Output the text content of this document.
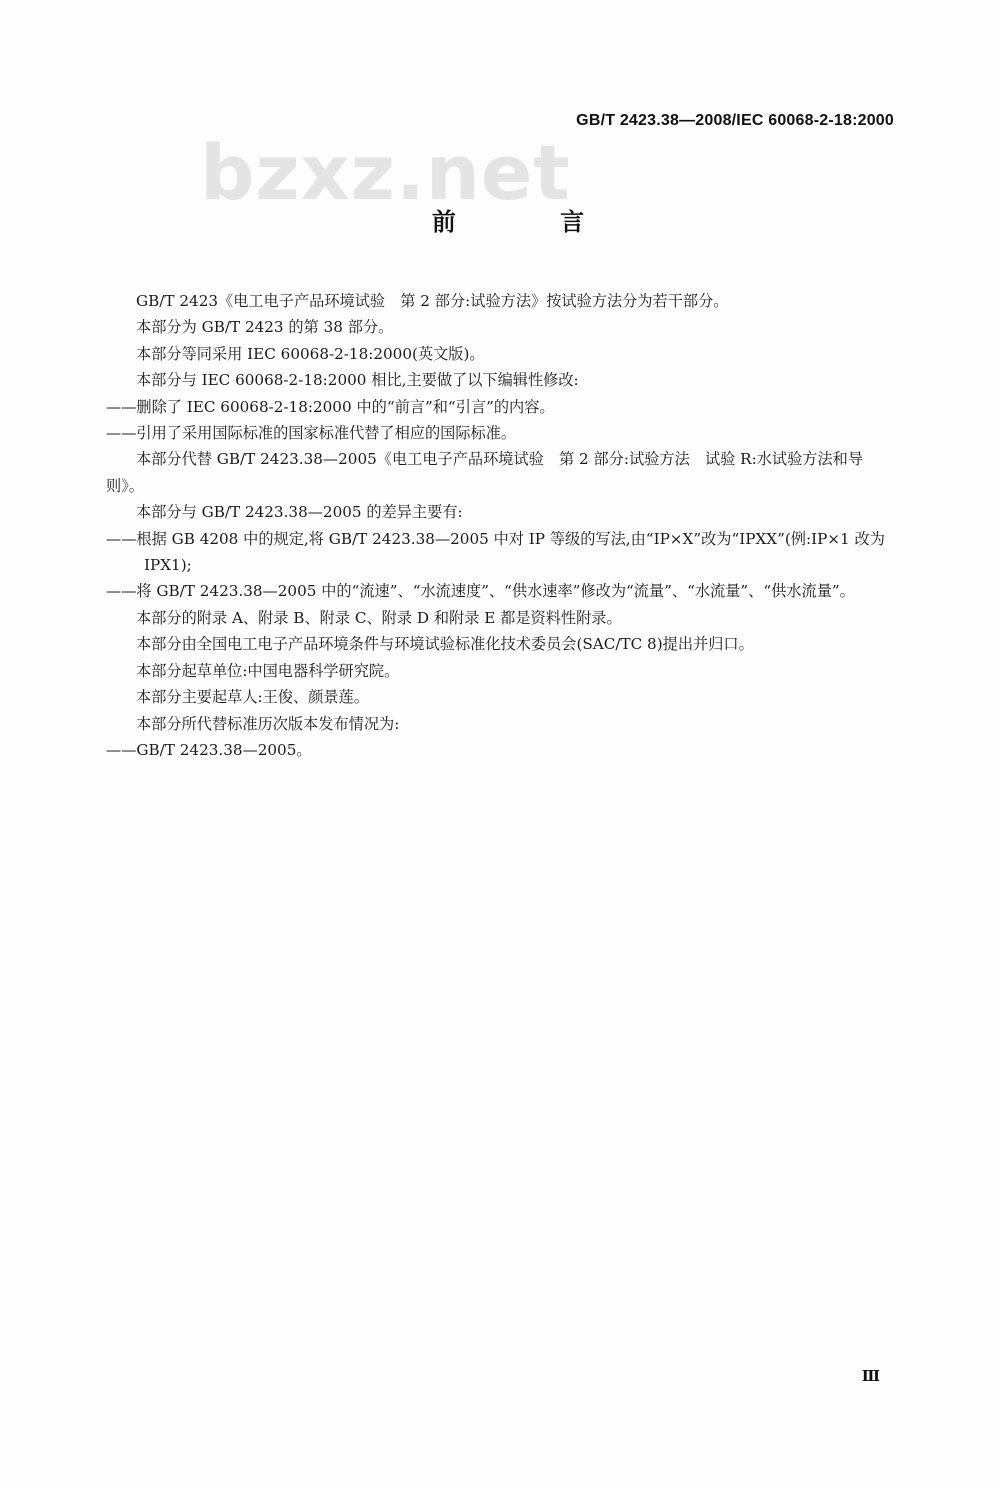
GB/T 2423.38—2008/IEC 60068-2-18:2000
bzxz.net
前 言

GB/T 2423《电工电子产品环境试验　第 2 部分:试验方法》按试验方法分为若干部分。

本部分为 GB/T 2423 的第 38 部分。

本部分等同采用 IEC 60068-2-18:2000(英文版)。

本部分与 IEC 60068-2-18:2000 相比,主要做了以下编辑性修改:

——删除了 IEC 60068-2-18:2000 中的“前言”和“引言”的内容。

——引用了采用国际标准的国家标准代替了相应的国际标准。

本部分代替 GB/T 2423.38—2005《电工电子产品环境试验　第 2 部分:试验方法　试验 R:水试验方法和导则》。

本部分与 GB/T 2423.38—2005 的差异主要有:

——根据 GB 4208 中的规定,将 GB/T 2423.38—2005 中对 IP 等级的写法,由“IP×X”改为“IPXX”(例:IP×1 改为 IPX1);

——将 GB/T 2423.38—2005 中的“流速”、“水流速度”、“供水速率”修改为“流量”、“水流量”、“供水流量”。

本部分的附录 A、附录 B、附录 C、附录 D 和附录 E 都是资料性附录。

本部分由全国电工电子产品环境条件与环境试验标准化技术委员会(SAC/TC 8)提出并归口。

本部分起草单位:中国电器科学研究院。

本部分主要起草人:王俊、颜景莲。

本部分所代替标准历次版本发布情况为:

——GB/T 2423.38—2005。

Ⅲ
